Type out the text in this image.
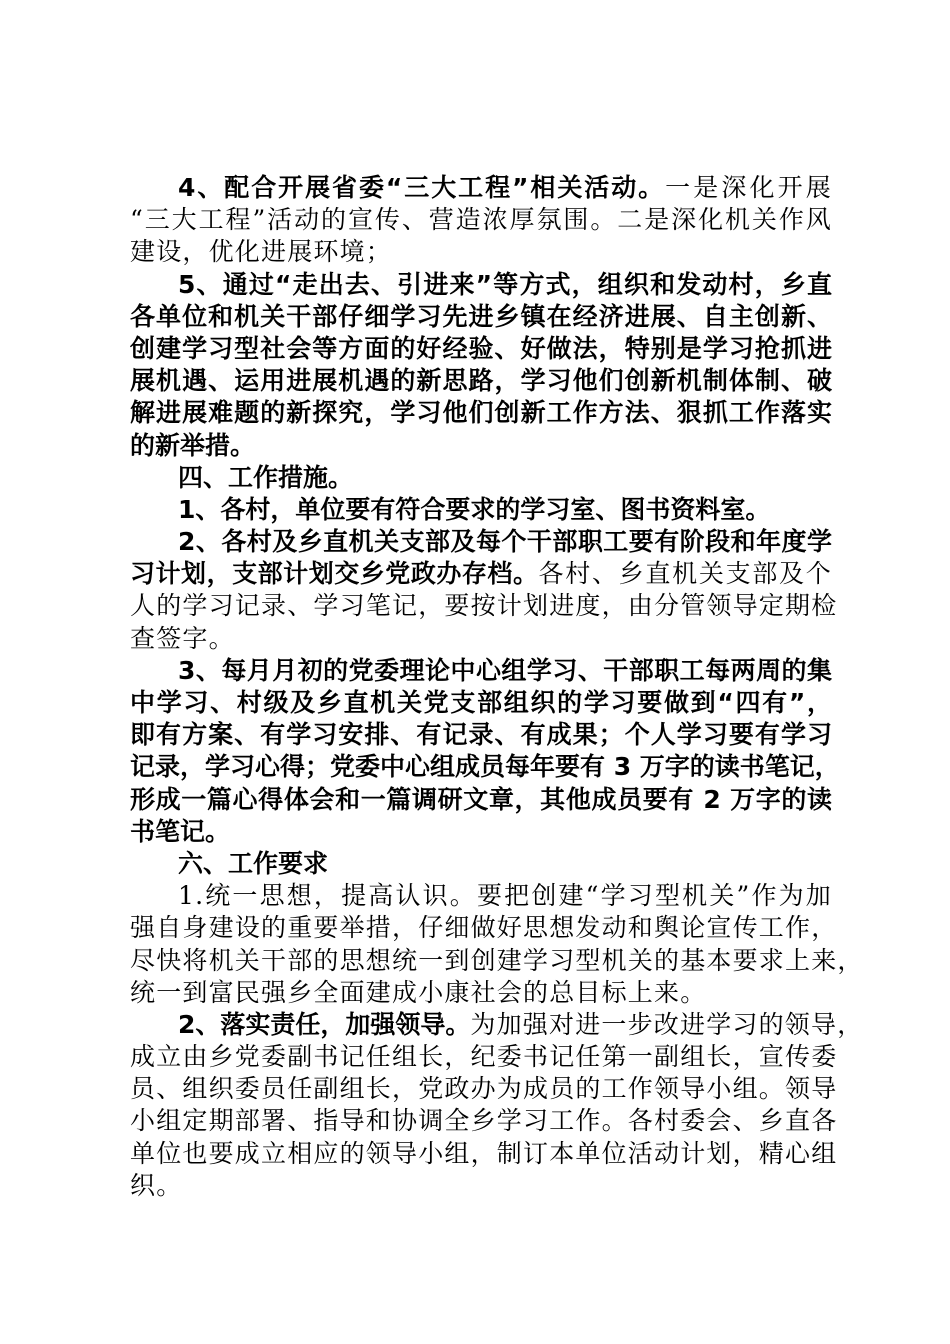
4、配合开展省委“三大工程”相关活动。一是深化开展
“三大工程”活动的宣传、营造浓厚氛围。二是深化机关作风
建设，优化进展环境；
5、通过“走出去、引进来”等方式，组织和发动村，乡直
各单位和机关干部仔细学习先进乡镇在经济进展、自主创新、
创建学习型社会等方面的好经验、好做法，特别是学习抢抓进
展机遇、运用进展机遇的新思路，学习他们创新机制体制、破
解进展难题的新探究，学习他们创新工作方法、狠抓工作落实
的新举措。
四、工作措施。
1、各村，单位要有符合要求的学习室、图书资料室。
2、各村及乡直机关支部及每个干部职工要有阶段和年度学
习计划，支部计划交乡党政办存档。各村、乡直机关支部及个
人的学习记录、学习笔记，要按计划进度，由分管领导定期检
查签字。
3、每月月初的党委理论中心组学习、干部职工每两周的集
中学习、村级及乡直机关党支部组织的学习要做到“四有”，
即有方案、有学习安排、有记录、有成果；个人学习要有学习
记录，学习心得；党委中心组成员每年要有 3 万字的读书笔记，
形成一篇心得体会和一篇调研文章，其他成员要有 2 万字的读
书笔记。
六、工作要求
1.统一思想，提高认识。要把创建“学习型机关”作为加
强自身建设的重要举措，仔细做好思想发动和舆论宣传工作，
尽快将机关干部的思想统一到创建学习型机关的基本要求上来，
统一到富民强乡全面建成小康社会的总目标上来。
2、落实责任，加强领导。为加强对进一步改进学习的领导，
成立由乡党委副书记任组长，纪委书记任第一副组长，宣传委
员、组织委员任副组长，党政办为成员的工作领导小组。领导
小组定期部署、指导和协调全乡学习工作。各村委会、乡直各
单位也要成立相应的领导小组，制订本单位活动计划，精心组
织。
